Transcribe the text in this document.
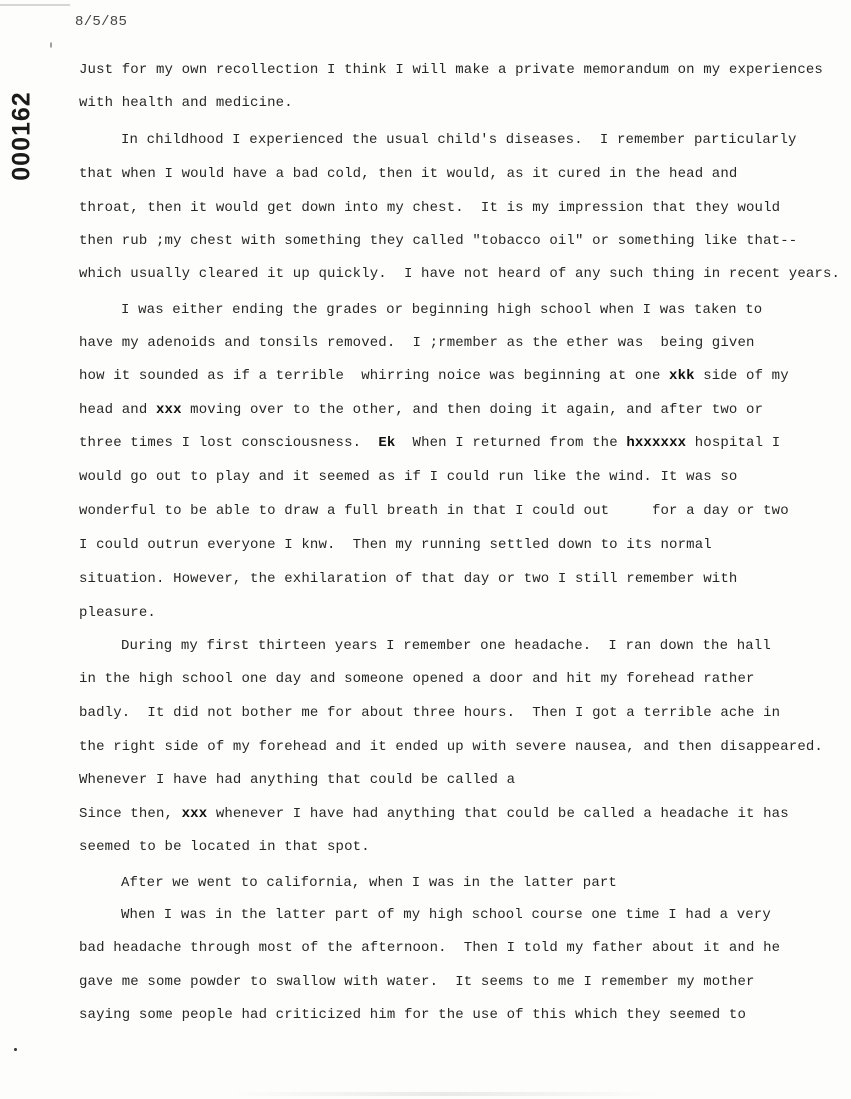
8/5/85
000162
Just for my own recollection I think I will make a private memorandum on my experiences
with health and medicine.
In childhood I experienced the usual child's diseases.  I remember particularly
that when I would have a bad cold, then it would, as it cured in the head and
throat, then it would get down into my chest.  It is my impression that they would
then rub ;my chest with something they called "tobacco oil" or something like that--
which usually cleared it up quickly.  I have not heard of any such thing in recent years.
I was either ending the grades or beginning high school when I was taken to
have my adenoids and tonsils removed.  I ;rmember as the ether was  being given
how it sounded as if a terrible  whirring noice was beginning at one xkk side of my
head and xxx moving over to the other, and then doing it again, and after two or
three times I lost consciousness.  Ek  When I returned from the hxxxxxx hospital I
would go out to play and it seemed as if I could run like the wind. It was so
wonderful to be able to draw a full breath in that I could out     for a day or two
I could outrun everyone I knw.  Then my running settled down to its normal
situation. However, the exhilaration of that day or two I still remember with
pleasure.
During my first thirteen years I remember one headache.  I ran down the hall
in the high school one day and someone opened a door and hit my forehead rather
badly.  It did not bother me for about three hours.  Then I got a terrible ache in
the right side of my forehead and it ended up with severe nausea, and then disappeared.
Whenever I have had anything that could be called a
Since then, xxx whenever I have had anything that could be called a headache it has
seemed to be located in that spot.
After we went to california, when I was in the latter part
When I was in the latter part of my high school course one time I had a very
bad headache through most of the afternoon.  Then I told my father about it and he
gave me some powder to swallow with water.  It seems to me I remember my mother
saying some people had criticized him for the use of this which they seemed to
